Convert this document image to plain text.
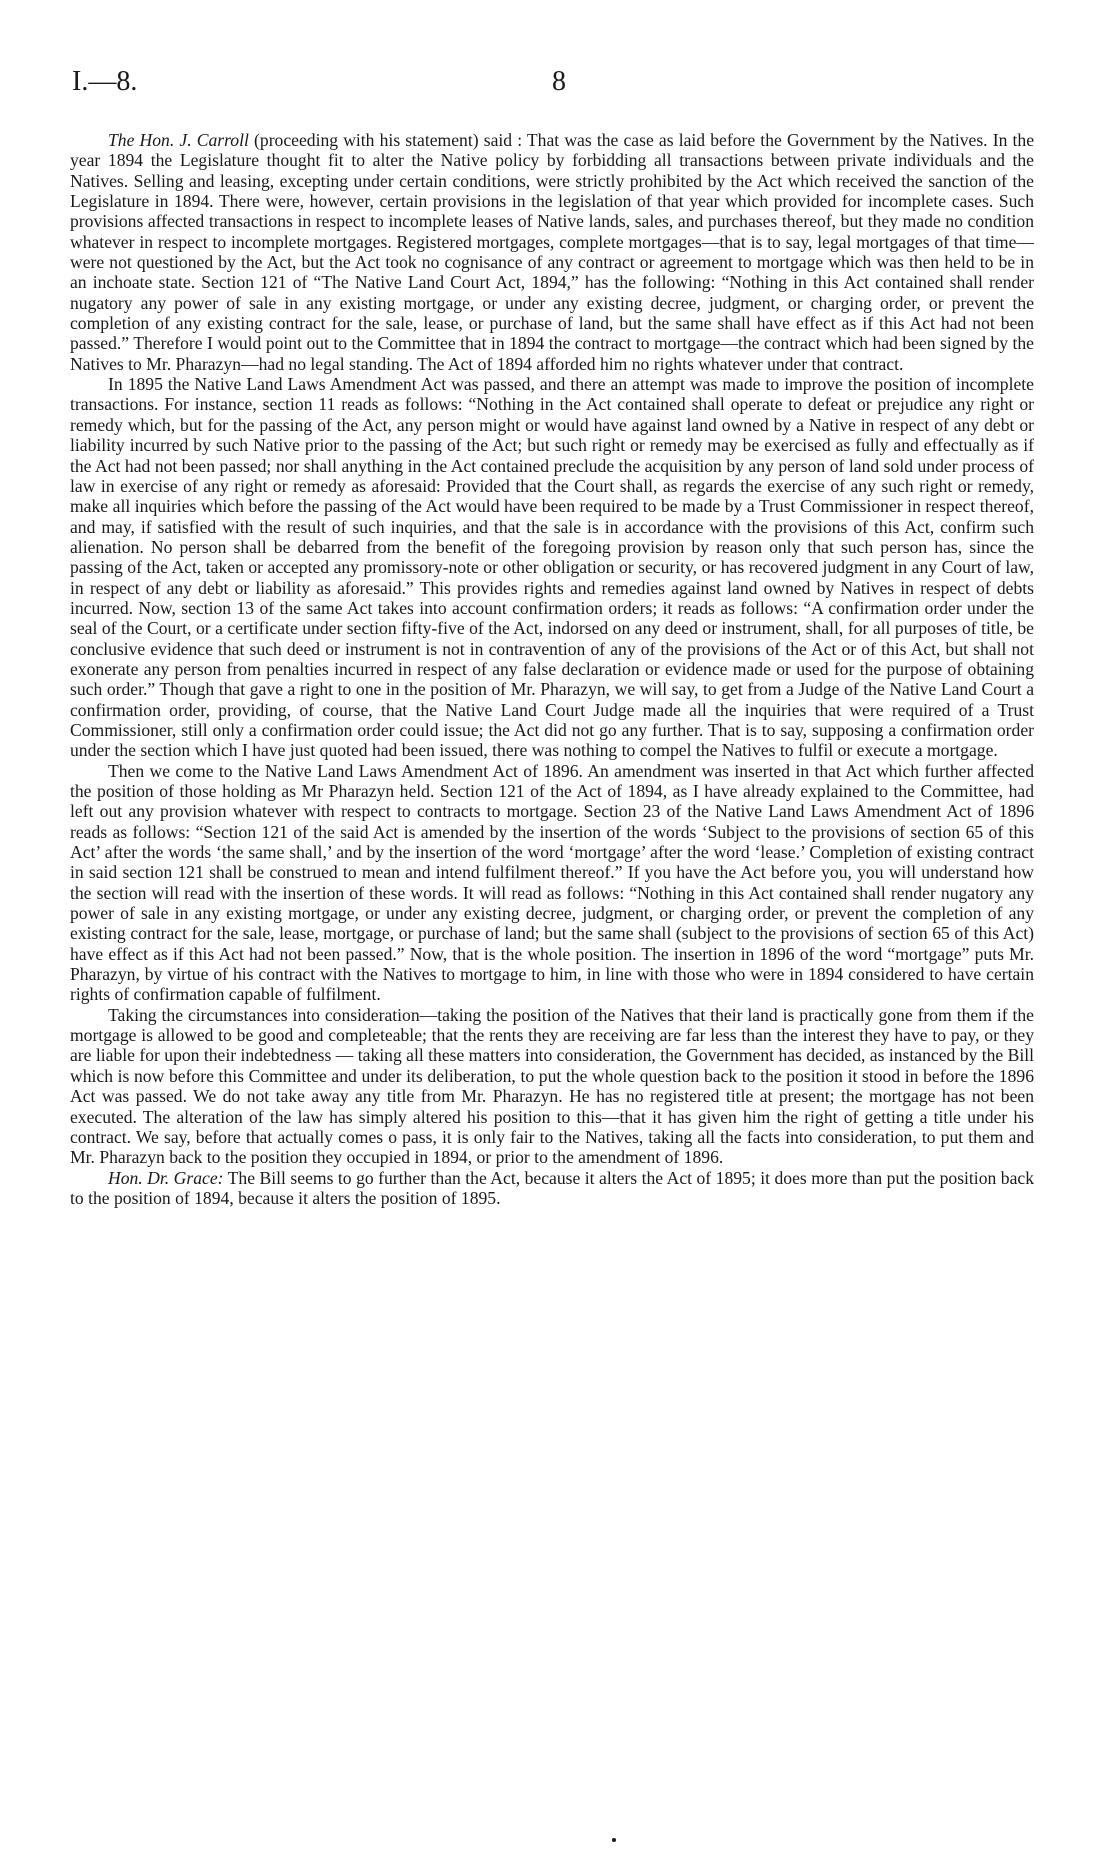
I.—8.	8

The Hon. J. Carroll (proceeding with his statement) said : That was the case as laid before the Government by the Natives. In the year 1894 the Legislature thought fit to alter the Native policy by forbidding all transactions between private individuals and the Natives. Selling and leasing, excepting under certain conditions, were strictly prohibited by the Act which received the sanction of the Legislature in 1894. There were, however, certain provisions in the legislation of that year which provided for incomplete cases. Such provisions affected transactions in respect to incomplete leases of Native lands, sales, and purchases thereof, but they made no condition whatever in respect to incomplete mortgages. Registered mortgages, complete mortgages—that is to say, legal mortgages of that time—were not questioned by the Act, but the Act took no cognisance of any contract or agreement to mortgage which was then held to be in an inchoate state. Section 121 of “The Native Land Court Act, 1894,” has the following: “Nothing in this Act contained shall render nugatory any power of sale in any existing mortgage, or under any existing decree, judgment, or charging order, or prevent the completion of any existing contract for the sale, lease, or purchase of land, but the same shall have effect as if this Act had not been passed.” Therefore I would point out to the Committee that in 1894 the contract to mortgage—the contract which had been signed by the Natives to Mr. Pharazyn—had no legal standing. The Act of 1894 afforded him no rights whatever under that contract.

In 1895 the Native Land Laws Amendment Act was passed, and there an attempt was made to improve the position of incomplete transactions. For instance, section 11 reads as follows: “Nothing in the Act contained shall operate to defeat or prejudice any right or remedy which, but for the passing of the Act, any person might or would have against land owned by a Native in respect of any debt or liability incurred by such Native prior to the passing of the Act; but such right or remedy may be exercised as fully and effectually as if the Act had not been passed; nor shall anything in the Act contained preclude the acquisition by any person of land sold under process of law in exercise of any right or remedy as aforesaid: Provided that the Court shall, as regards the exercise of any such right or remedy, make all inquiries which before the passing of the Act would have been required to be made by a Trust Commissioner in respect thereof, and may, if satisfied with the result of such inquiries, and that the sale is in accordance with the provisions of this Act, confirm such alienation. No person shall be debarred from the benefit of the foregoing provision by reason only that such person has, since the passing of the Act, taken or accepted any promissory-note or other obligation or security, or has recovered judgment in any Court of law, in respect of any debt or liability as aforesaid.” This provides rights and remedies against land owned by Natives in respect of debts incurred. Now, section 13 of the same Act takes into account confirmation orders; it reads as follows: “A confirmation order under the seal of the Court, or a certificate under section fifty-five of the Act, indorsed on any deed or instrument, shall, for all purposes of title, be conclusive evidence that such deed or instrument is not in contravention of any of the provisions of the Act or of this Act, but shall not exonerate any person from penalties incurred in respect of any false declaration or evidence made or used for the purpose of obtaining such order.” Though that gave a right to one in the position of Mr. Pharazyn, we will say, to get from a Judge of the Native Land Court a confirmation order, providing, of course, that the Native Land Court Judge made all the inquiries that were required of a Trust Commissioner, still only a confirmation order could issue; the Act did not go any further. That is to say, supposing a confirmation order under the section which I have just quoted had been issued, there was nothing to compel the Natives to fulfil or execute a mortgage.

Then we come to the Native Land Laws Amendment Act of 1896. An amendment was inserted in that Act which further affected the position of those holding as Mr Pharazyn held. Section 121 of the Act of 1894, as I have already explained to the Committee, had left out any provision whatever with respect to contracts to mortgage. Section 23 of the Native Land Laws Amendment Act of 1896 reads as follows: “Section 121 of the said Act is amended by the insertion of the words ‘Subject to the provisions of section 65 of this Act’ after the words ‘the same shall,’ and by the insertion of the word ‘mortgage’ after the word ‘lease.’ Completion of existing contract in said section 121 shall be construed to mean and intend fulfilment thereof.” If you have the Act before you, you will understand how the section will read with the insertion of these words. It will read as follows: “Nothing in this Act contained shall render nugatory any power of sale in any existing mortgage, or under any existing decree, judgment, or charging order, or prevent the completion of any existing contract for the sale, lease, mortgage, or purchase of land; but the same shall (subject to the provisions of section 65 of this Act) have effect as if this Act had not been passed.” Now, that is the whole position. The insertion in 1896 of the word “mortgage” puts Mr. Pharazyn, by virtue of his contract with the Natives to mortgage to him, in line with those who were in 1894 considered to have certain rights of confirmation capable of fulfilment.

Taking the circumstances into consideration—taking the position of the Natives that their land is practically gone from them if the mortgage is allowed to be good and completeable; that the rents they are receiving are far less than the interest they have to pay, or they are liable for upon their indebtedness — taking all these matters into consideration, the Government has decided, as instanced by the Bill which is now before this Committee and under its deliberation, to put the whole question back to the position it stood in before the 1896 Act was passed. We do not take away any title from Mr. Pharazyn. He has no registered title at present; the mortgage has not been executed. The alteration of the law has simply altered his position to this—that it has given him the right of getting a title under his contract. We say, before that actually comes o pass, it is only fair to the Natives, taking all the facts into consideration, to put them and Mr. Pharazyn back to the position they occupied in 1894, or prior to the amendment of 1896.

Hon. Dr. Grace: The Bill seems to go further than the Act, because it alters the Act of 1895; it does more than put the position back to the position of 1894, because it alters the position of 1895.
